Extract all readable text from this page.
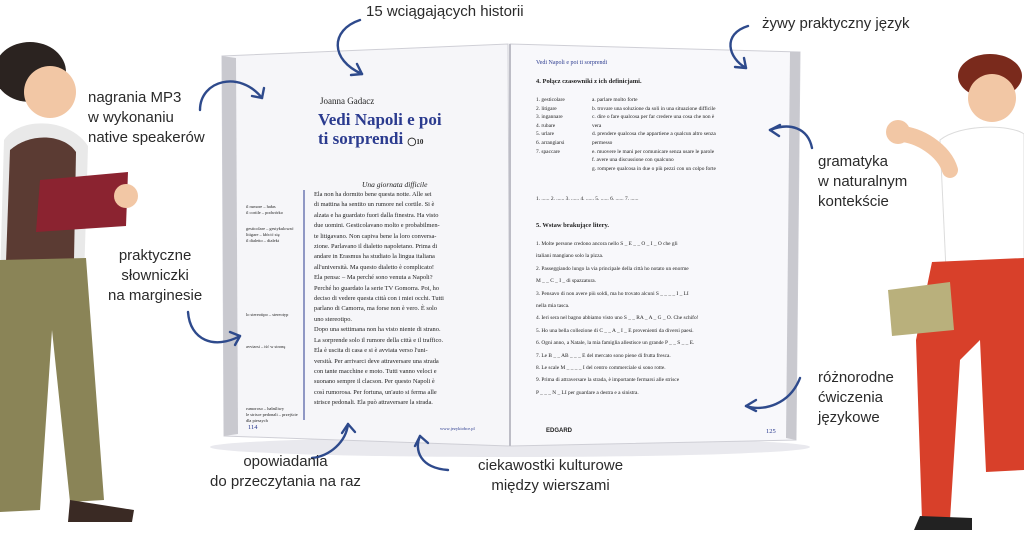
nagrania MP3
w wykonaniu
native speakerów
15 wciągających historii
żywy praktyczny język
praktyczne
słowniczki
na marginesie
gramatyka
w naturalnym
kontekście
różnorodne
ćwiczenia
językowe
opowiadania
do przeczytania na raz
ciekawostki kulturowe
między wierszami
Joanna Gadacz
Vedi Napoli e poi
ti sorprendi ◯10
Una giornata difficile
Ela non ha dormito bene questa notte. Alle sei
di mattina ha sentito un rumore nel cortile. Si è
alzata e ha guardato fuori dalla finestra. Ha visto
due uomini. Gesticolavano molto e probabilmen-
te litigavano. Non capiva bene la loro conversa-
zione. Parlavano il dialetto napoletano. Prima di
andare in Erasmus ha studiato la lingua italiana
all'università. Ma questo dialetto è complicato!
Ela pensa: – Ma perché sono venuta a Napoli?
Perché ho guardato la serie TV Gomorra. Poi, ho
deciso di vedere questa città con i miei occhi. Tutti
parlano di Camorra, ma forse non è vero. È solo
uno stereotipo.
Dopo una settimana non ha visto niente di strano.
La sorprende solo il rumore della città e il traffico.
Ela è uscita di casa e si è avviata verso l'uni-
versità. Per arrivarci deve attraversare una strada
con tante macchine e moto. Tutti vanno veloci e
suonano sempre il clacson. Per questo Napoli è
così rumorosa. Per fortuna, un'auto si ferma alle
strisce pedonali. Ela può attraversare la strada.
il rumore – hałas
il cortile – podwórko
gesticolare – gestykulować
litigare – kłócić się
il dialetto – dialekt
lo stereotipo – stereotyp
avviarsi – iść w stronę
rumoroso – hałaśliwy
le strisce pedonali – przejście dla pieszych
114	www.jezykiobce.pl
Vedi Napoli e poi ti sorprendi
4. Połącz czasowniki z ich definicjami.
1. gesticolare
2. litigare
3. ingannare
4. rubare
5. urlare
6. arrangiarsi
7. spaccare
a. parlare molto forte
b. trovare una soluzione da soli in una situazione difficile
c. dire o fare qualcosa per far credere una cosa che non è
vera
d. prendere qualcosa che appartiene a qualcun altro senza
permesso
e. muovere le mani per comunicare senza usare le parole
f. avere una discussione con qualcuno
g. rompere qualcosa in due o più pezzi con un colpo forte
1. ...... 2. ...... 3. ...... 4. ...... 5. ...... 6. ...... 7. ......
5. Wstaw brakujące litery.
1. Molte persone credono ancora nello S _ E _ _ O _ I _ O che gli
italiani mangiano solo la pizza.
2. Passeggiando lungo la via principale della città ho notato un enorme
M _ _ C _ I _ di spazzatura.
3. Pensavo di non avere più soldi, ma ho trovato alcuni S _ _ _ _ I _ LI
nella mia tasca.
4. Ieri sera nel bagno abbiamo visto uno S _ _ RA _ A _ G _ O. Che schifo!
5. Ho una bella collezione di C _ _ A _ I _ E provenienti da diversi paesi.
6. Ogni anno, a Natale, la mia famiglia allestisce un grande P _ _ S _ _ E.
7. Le B _ _ AB _ _ _ E del mercato sono piene di frutta fresca.
8. Le scale M _ _ _ _ I del centro commerciale si sono rotte.
9. Prima di attraversare la strada, è importante fermarsi alle strisce
P _ _ _ N _ LI per guardare a destra e a sinistra.
EDGARD	125
